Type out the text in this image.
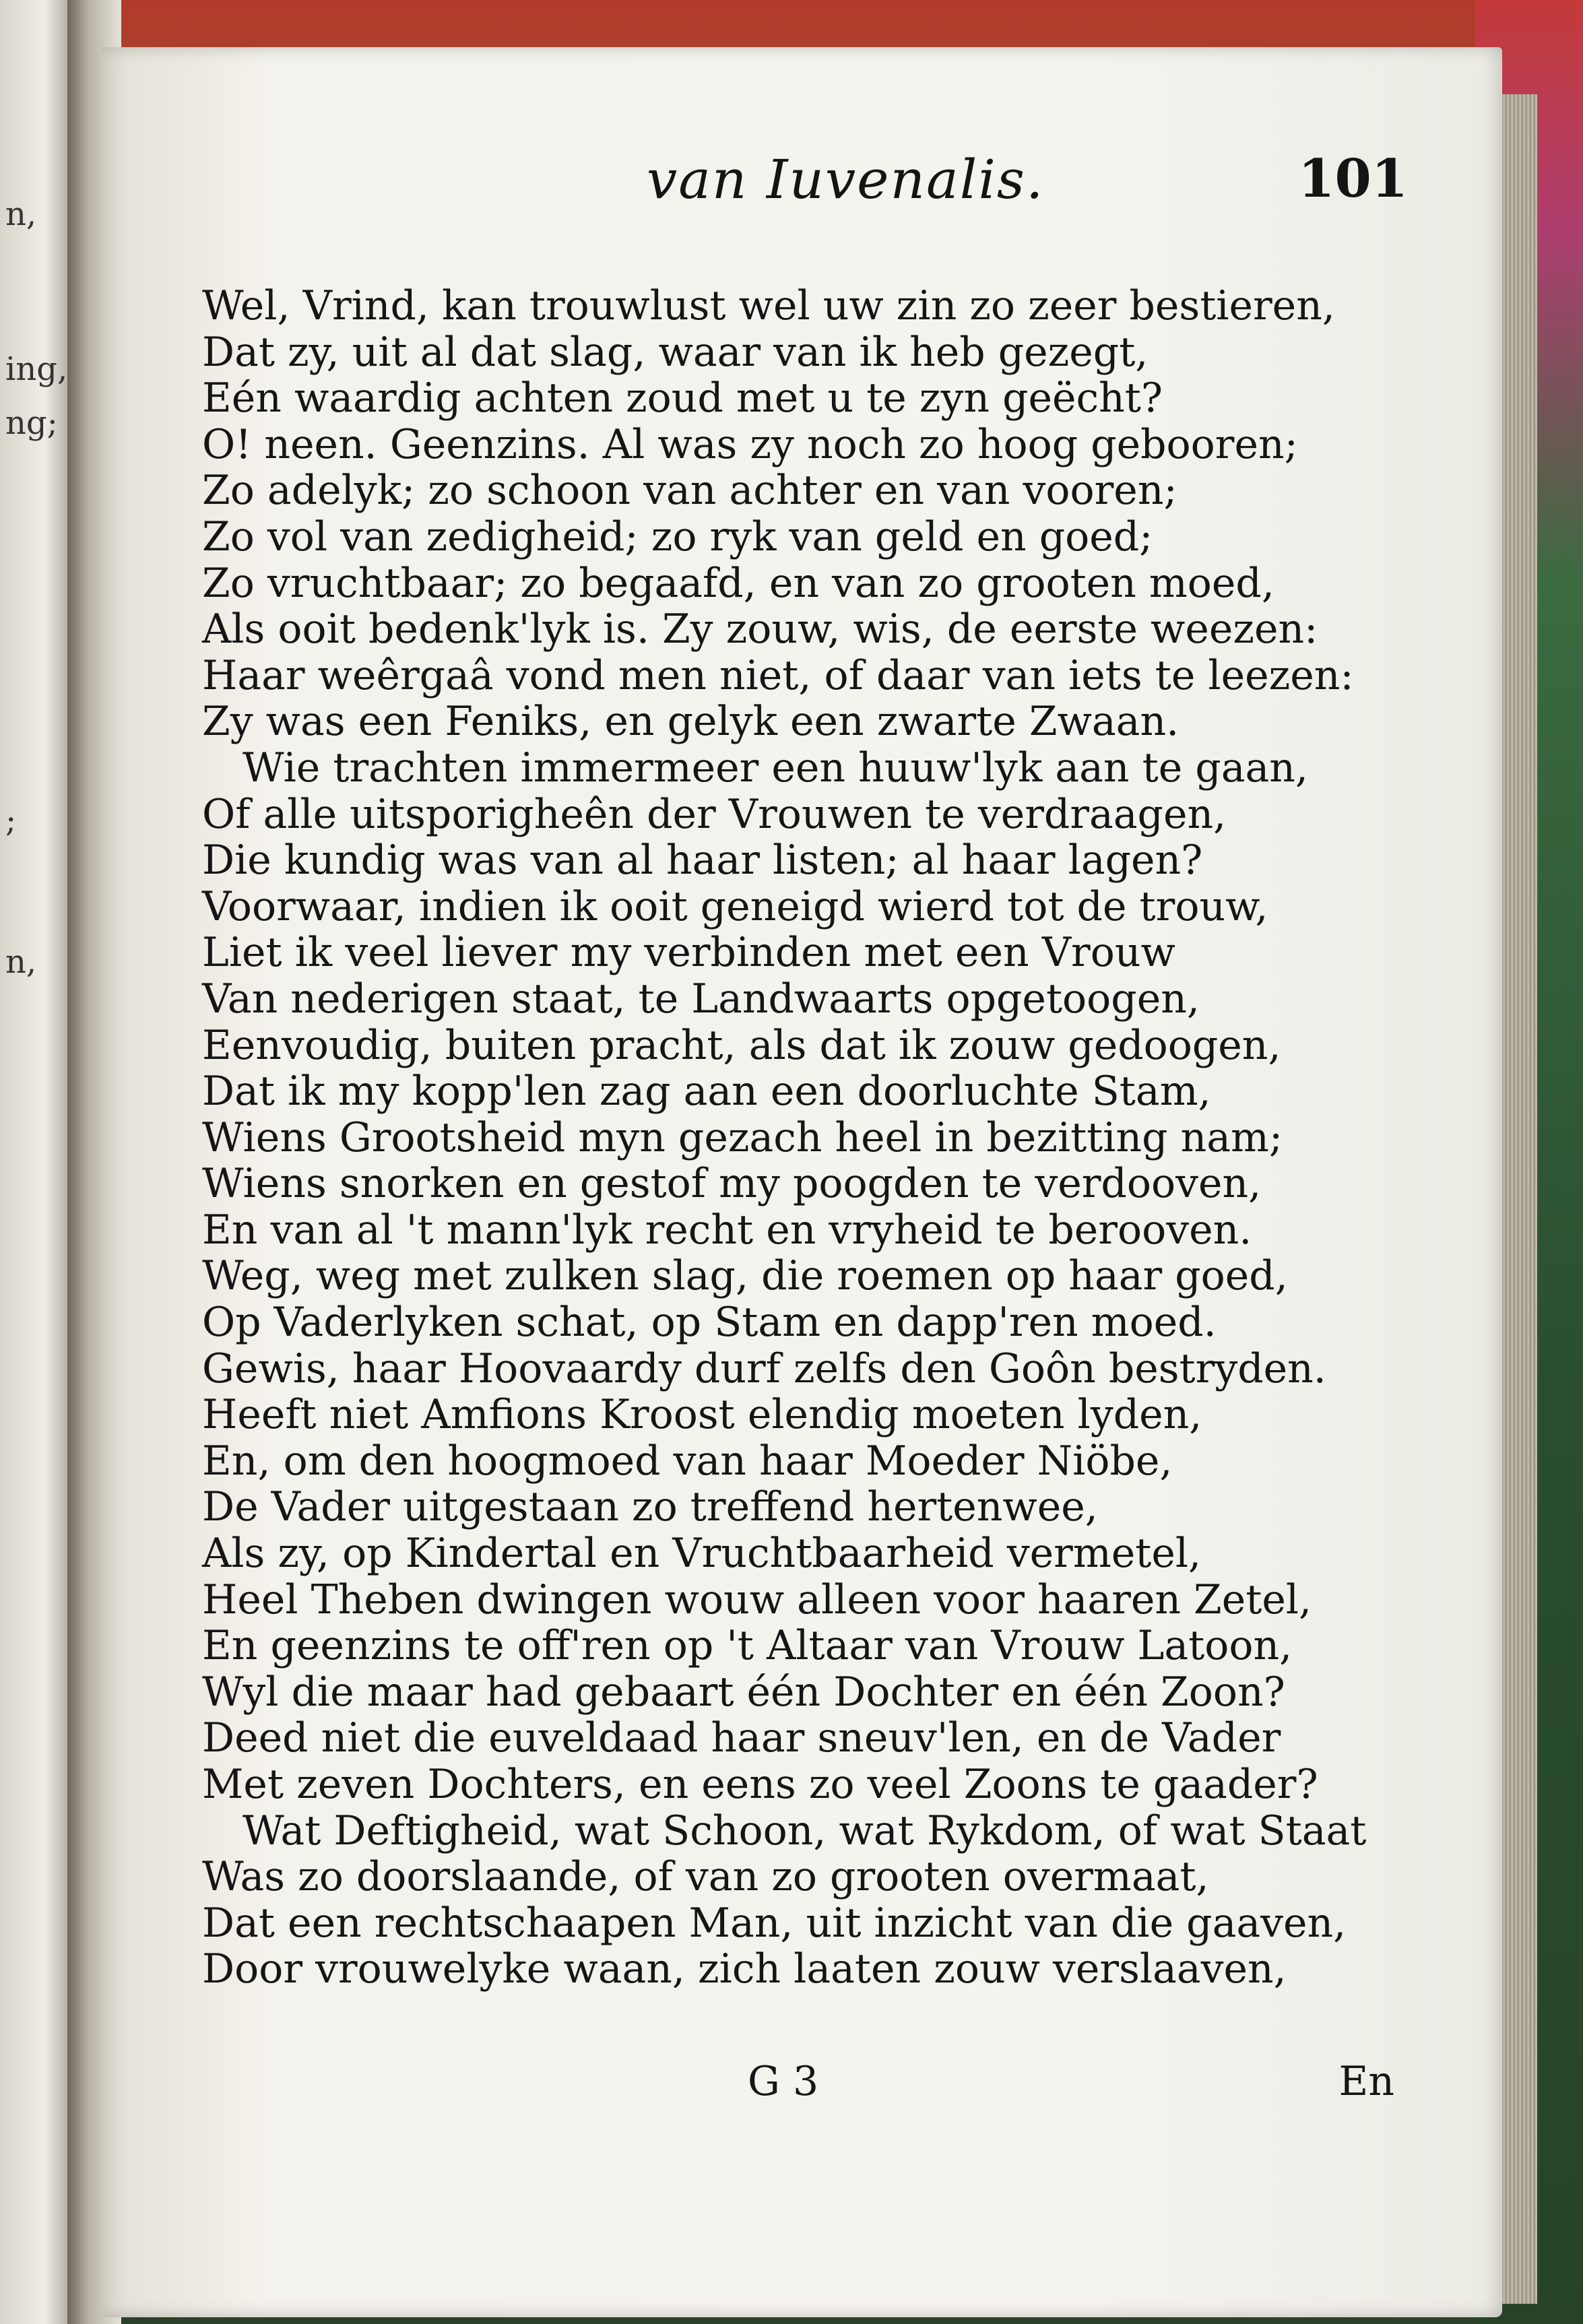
n,
ing,
ng;
;
n,
van Iuvenalis.	101
Wel, Vrind, kan trouwlust wel uw zin zo zeer bestieren,
Dat zy, uit al dat slag, waar van ik heb gezegt,
Eén waardig achten zoud met u te zyn geëcht?
O! neen. Geenzins. Al was zy noch zo hoog gebooren;
Zo adelyk; zo schoon van achter en van vooren;
Zo vol van zedigheid; zo ryk van geld en goed;
Zo vruchtbaar; zo begaafd, en van zo grooten moed,
Als ooit bedenk'lyk is. Zy zouw, wis, de eerste weezen:
Haar weêrgaâ vond men niet, of daar van iets te leezen:
Zy was een Feniks, en gelyk een zwarte Zwaan.
Wie trachten immermeer een huuw'lyk aan te gaan,
Of alle uitsporigheên der Vrouwen te verdraagen,
Die kundig was van al haar listen; al haar lagen?
Voorwaar, indien ik ooit geneigd wierd tot de trouw,
Liet ik veel liever my verbinden met een Vrouw
Van nederigen staat, te Landwaarts opgetoogen,
Eenvoudig, buiten pracht, als dat ik zouw gedoogen,
Dat ik my kopp'len zag aan een doorluchte Stam,
Wiens Grootsheid myn gezach heel in bezitting nam;
Wiens snorken en gestof my poogden te verdooven,
En van al 't mann'lyk recht en vryheid te berooven.
Weg, weg met zulken slag, die roemen op haar goed,
Op Vaderlyken schat, op Stam en dapp'ren moed.
Gewis, haar Hoovaardy durf zelfs den Goôn bestryden.
Heeft niet Amfions Kroost elendig moeten lyden,
En, om den hoogmoed van haar Moeder Niöbe,
De Vader uitgestaan zo treffend hertenwee,
Als zy, op Kindertal en Vruchtbaarheid vermetel,
Heel Theben dwingen wouw alleen voor haaren Zetel,
En geenzins te off'ren op 't Altaar van Vrouw Latoon,
Wyl die maar had gebaart één Dochter en één Zoon?
Deed niet die euveldaad haar sneuv'len, en de Vader
Met zeven Dochters, en eens zo veel Zoons te gaader?
Wat Deftigheid, wat Schoon, wat Rykdom, of wat Staat
Was zo doorslaande, of van zo grooten overmaat,
Dat een rechtschaapen Man, uit inzicht van die gaaven,
Door vrouwelyke waan, zich laaten zouw verslaaven,
G 3	En
